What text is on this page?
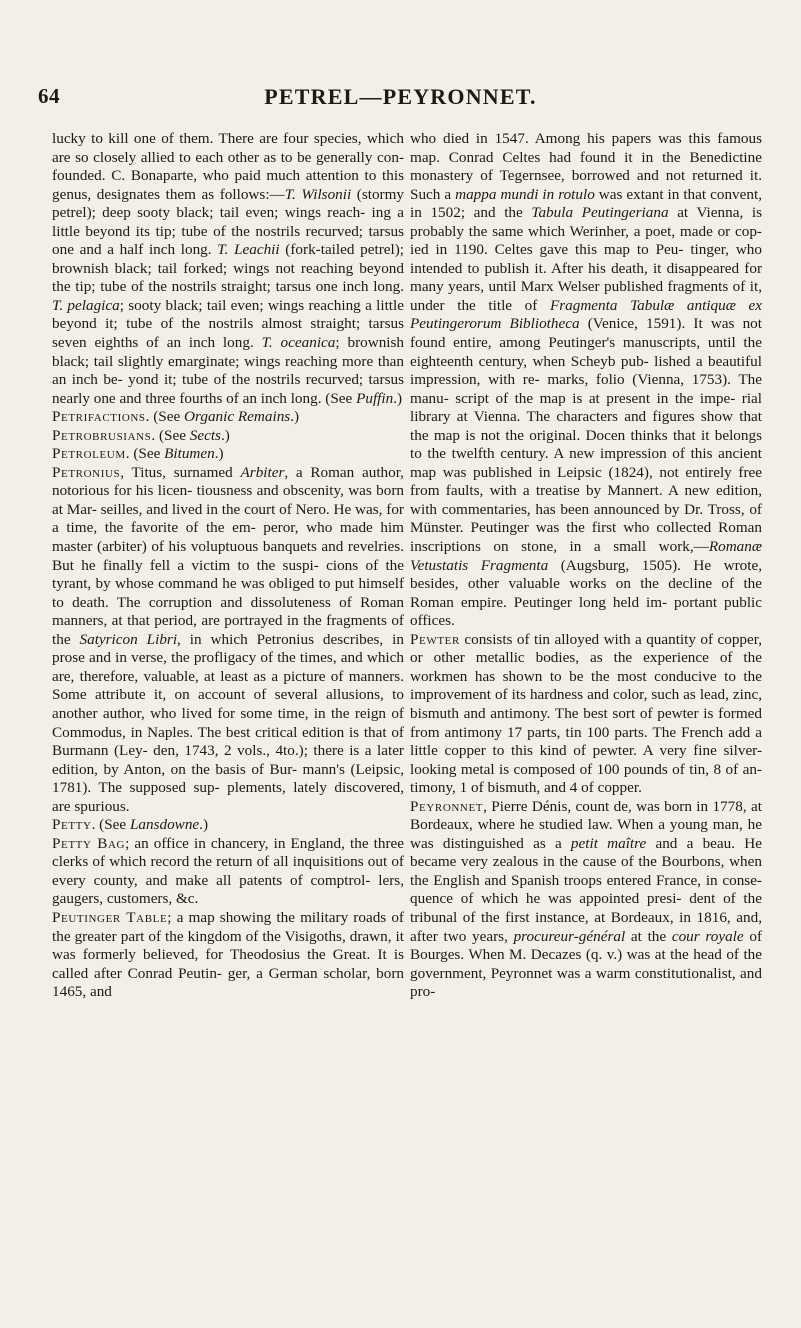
64	PETREL—PEYRONNET.

lucky to kill one of them. There are four species, which are so closely allied to each other as to be generally con- founded. C. Bonaparte, who paid much attention to this genus, designates them as follows:—T. Wilsonii (stormy petrel); deep sooty black; tail even; wings reach- ing a little beyond its tip; tube of the nostrils recurved; tarsus one and a half inch long. T. Leachii (fork-tailed petrel); brownish black; tail forked; wings not reaching beyond the tip; tube of the nostrils straight; tarsus one inch long. T. pelagica; sooty black; tail even; wings reaching a little beyond it; tube of the nostrils almost straight; tarsus seven eighths of an inch long. T. oceanica; brownish black; tail slightly emarginate; wings reaching more than an inch be- yond it; tube of the nostrils recurved; tarsus nearly one and three fourths of an inch long. (See Puffin.)

Petrifactions. (See Organic Remains.)

Petrobrusians. (See Sects.)

Petroleum. (See Bitumen.)

Petronius, Titus, surnamed Arbiter, a Roman author, notorious for his licen- tiousness and obscenity, was born at Mar- seilles, and lived in the court of Nero. He was, for a time, the favorite of the em- peror, who made him master (arbiter) of his voluptuous banquets and revelries. But he finally fell a victim to the suspi- cions of the tyrant, by whose command he was obliged to put himself to death. The corruption and dissoluteness of Roman manners, at that period, are portrayed in the fragments of the Satyricon Libri, in which Petronius describes, in prose and in verse, the profligacy of the times, and which are, therefore, valuable, at least as a picture of manners. Some attribute it, on account of several allusions, to another author, who lived for some time, in the reign of Commodus, in Naples. The best critical edition is that of Burmann (Ley- den, 1743, 2 vols., 4to.); there is a later edition, by Anton, on the basis of Bur- mann's (Leipsic, 1781). The supposed sup- plements, lately discovered, are spurious.

Petty. (See Lansdowne.)

Petty Bag; an office in chancery, in England, the three clerks of which record the return of all inquisitions out of every county, and make all patents of comptrol- lers, gaugers, customers, &c.

Peutinger Table; a map showing the military roads of the greater part of the kingdom of the Visigoths, drawn, it was formerly believed, for Theodosius the Great. It is called after Conrad Peutin- ger, a German scholar, born 1465, and

who died in 1547. Among his papers was this famous map. Conrad Celtes had found it in the Benedictine monastery of Tegernsee, borrowed and not returned it. Such a mappa mundi in rotulo was extant in that convent, in 1502; and the Tabula Peutingeriana at Vienna, is probably the same which Werinher, a poet, made or cop- ied in 1190. Celtes gave this map to Peu- tinger, who intended to publish it. After his death, it disappeared for many years, until Marx Welser published fragments of it, under the title of Fragmenta Tabulæ antiquæ ex Peutingerorum Bibliotheca (Venice, 1591). It was not found entire, among Peutinger's manuscripts, until the eighteenth century, when Scheyb pub- lished a beautiful impression, with re- marks, folio (Vienna, 1753). The manu- script of the map is at present in the impe- rial library at Vienna. The characters and figures show that the map is not the original. Docen thinks that it belongs to the twelfth century. A new impression of this ancient map was published in Leipsic (1824), not entirely free from faults, with a treatise by Mannert. A new edition, with commentaries, has been announced by Dr. Tross, of Münster. Peutinger was the first who collected Roman inscriptions on stone, in a small work,—Romanæ Vetustatis Fragmenta (Augsburg, 1505). He wrote, besides, other valuable works on the decline of the Roman empire. Peutinger long held im- portant public offices.

Pewter consists of tin alloyed with a quantity of copper, or other metallic bodies, as the experience of the workmen has shown to be the most conducive to the improvement of its hardness and color, such as lead, zinc, bismuth and antimony. The best sort of pewter is formed from antimony 17 parts, tin 100 parts. The French add a little copper to this kind of pewter. A very fine silver-looking metal is composed of 100 pounds of tin, 8 of an- timony, 1 of bismuth, and 4 of copper.

Peyronnet, Pierre Dénis, count de, was born in 1778, at Bordeaux, where he studied law. When a young man, he was distinguished as a petit maître and a beau. He became very zealous in the cause of the Bourbons, when the English and Spanish troops entered France, in conse- quence of which he was appointed presi- dent of the tribunal of the first instance, at Bordeaux, in 1816, and, after two years, procureur-général at the cour royale of Bourges. When M. Decazes (q. v.) was at the head of the government, Peyronnet was a warm constitutionalist, and pro-
